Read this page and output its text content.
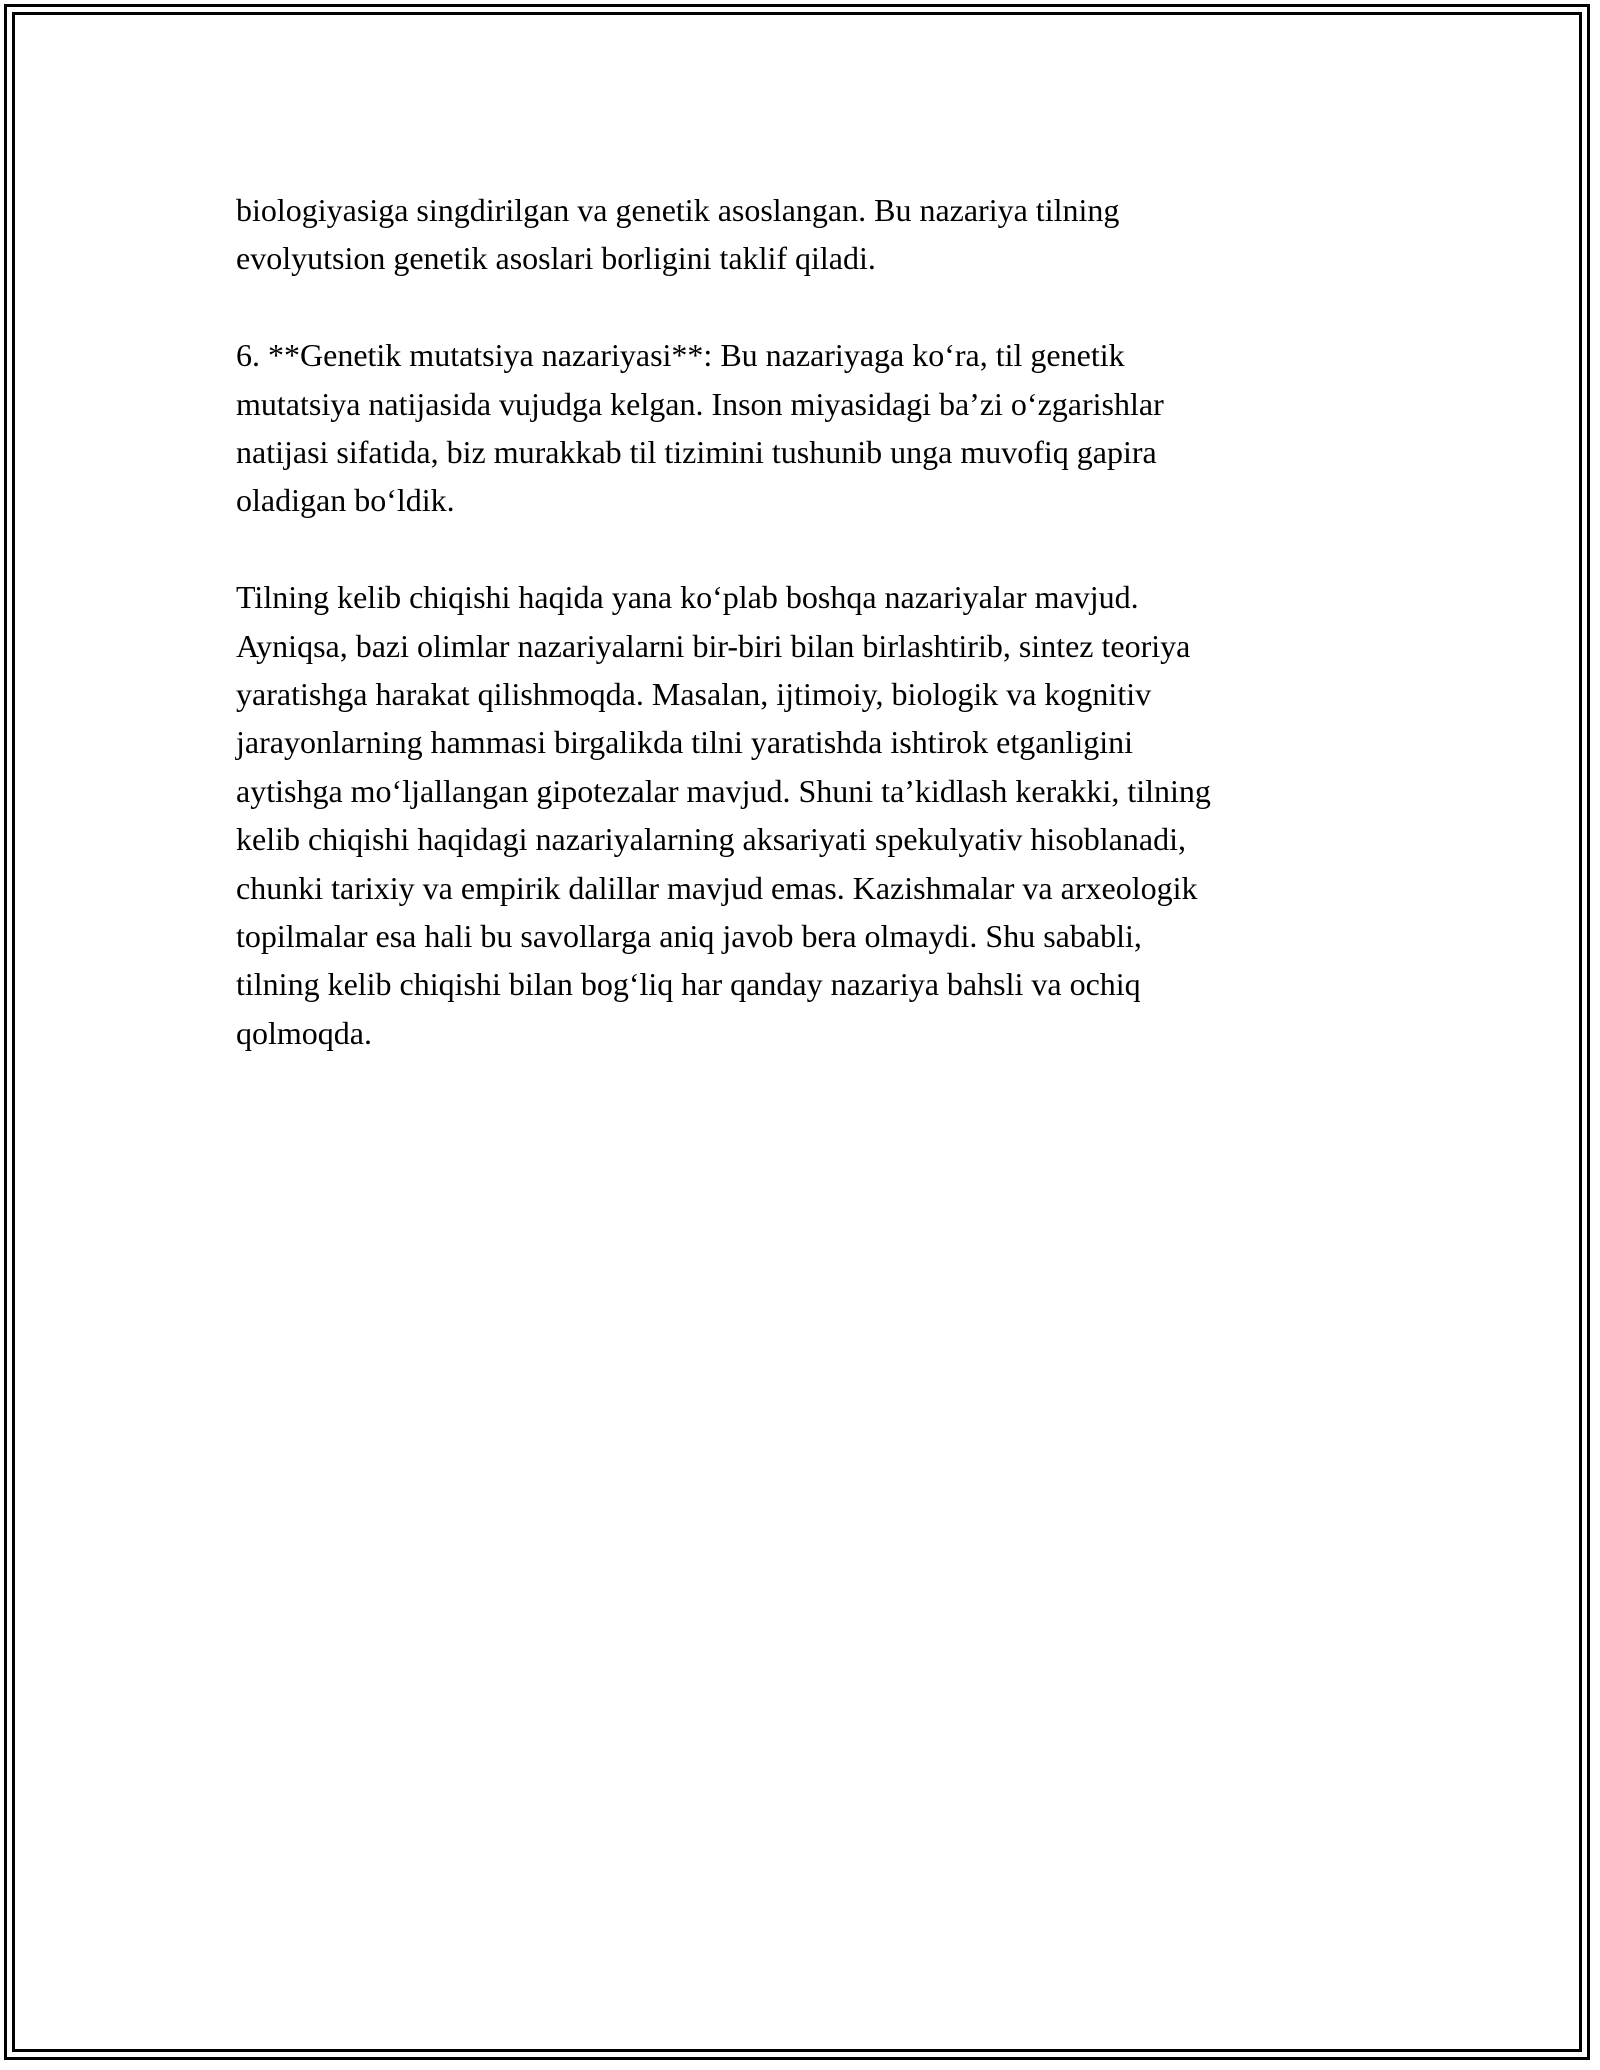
biologiyasiga singdirilgan va genetik asoslangan. Bu nazariya tilning
evolyutsion genetik asoslari borligini taklif qiladi.

6. **Genetik mutatsiya nazariyasi**: Bu nazariyaga ko‘ra, til genetik
mutatsiya natijasida vujudga kelgan. Inson miyasidagi ba’zi o‘zgarishlar
natijasi sifatida, biz murakkab til tizimini tushunib unga muvofiq gapira
oladigan bo‘ldik.

Tilning kelib chiqishi haqida yana ko‘plab boshqa nazariyalar mavjud.
Ayniqsa, bazi olimlar nazariyalarni bir-biri bilan birlashtirib, sintez teoriya
yaratishga harakat qilishmoqda. Masalan, ijtimoiy, biologik va kognitiv
jarayonlarning hammasi birgalikda tilni yaratishda ishtirok etganligini
aytishga mo‘ljallangan gipotezalar mavjud. Shuni ta’kidlash kerakki, tilning
kelib chiqishi haqidagi nazariyalarning aksariyati spekulyativ hisoblanadi,
chunki tarixiy va empirik dalillar mavjud emas. Kazishmalar va arxeologik
topilmalar esa hali bu savollarga aniq javob bera olmaydi. Shu sababli,
tilning kelib chiqishi bilan bog‘liq har qanday nazariya bahsli va ochiq
qolmoqda.
